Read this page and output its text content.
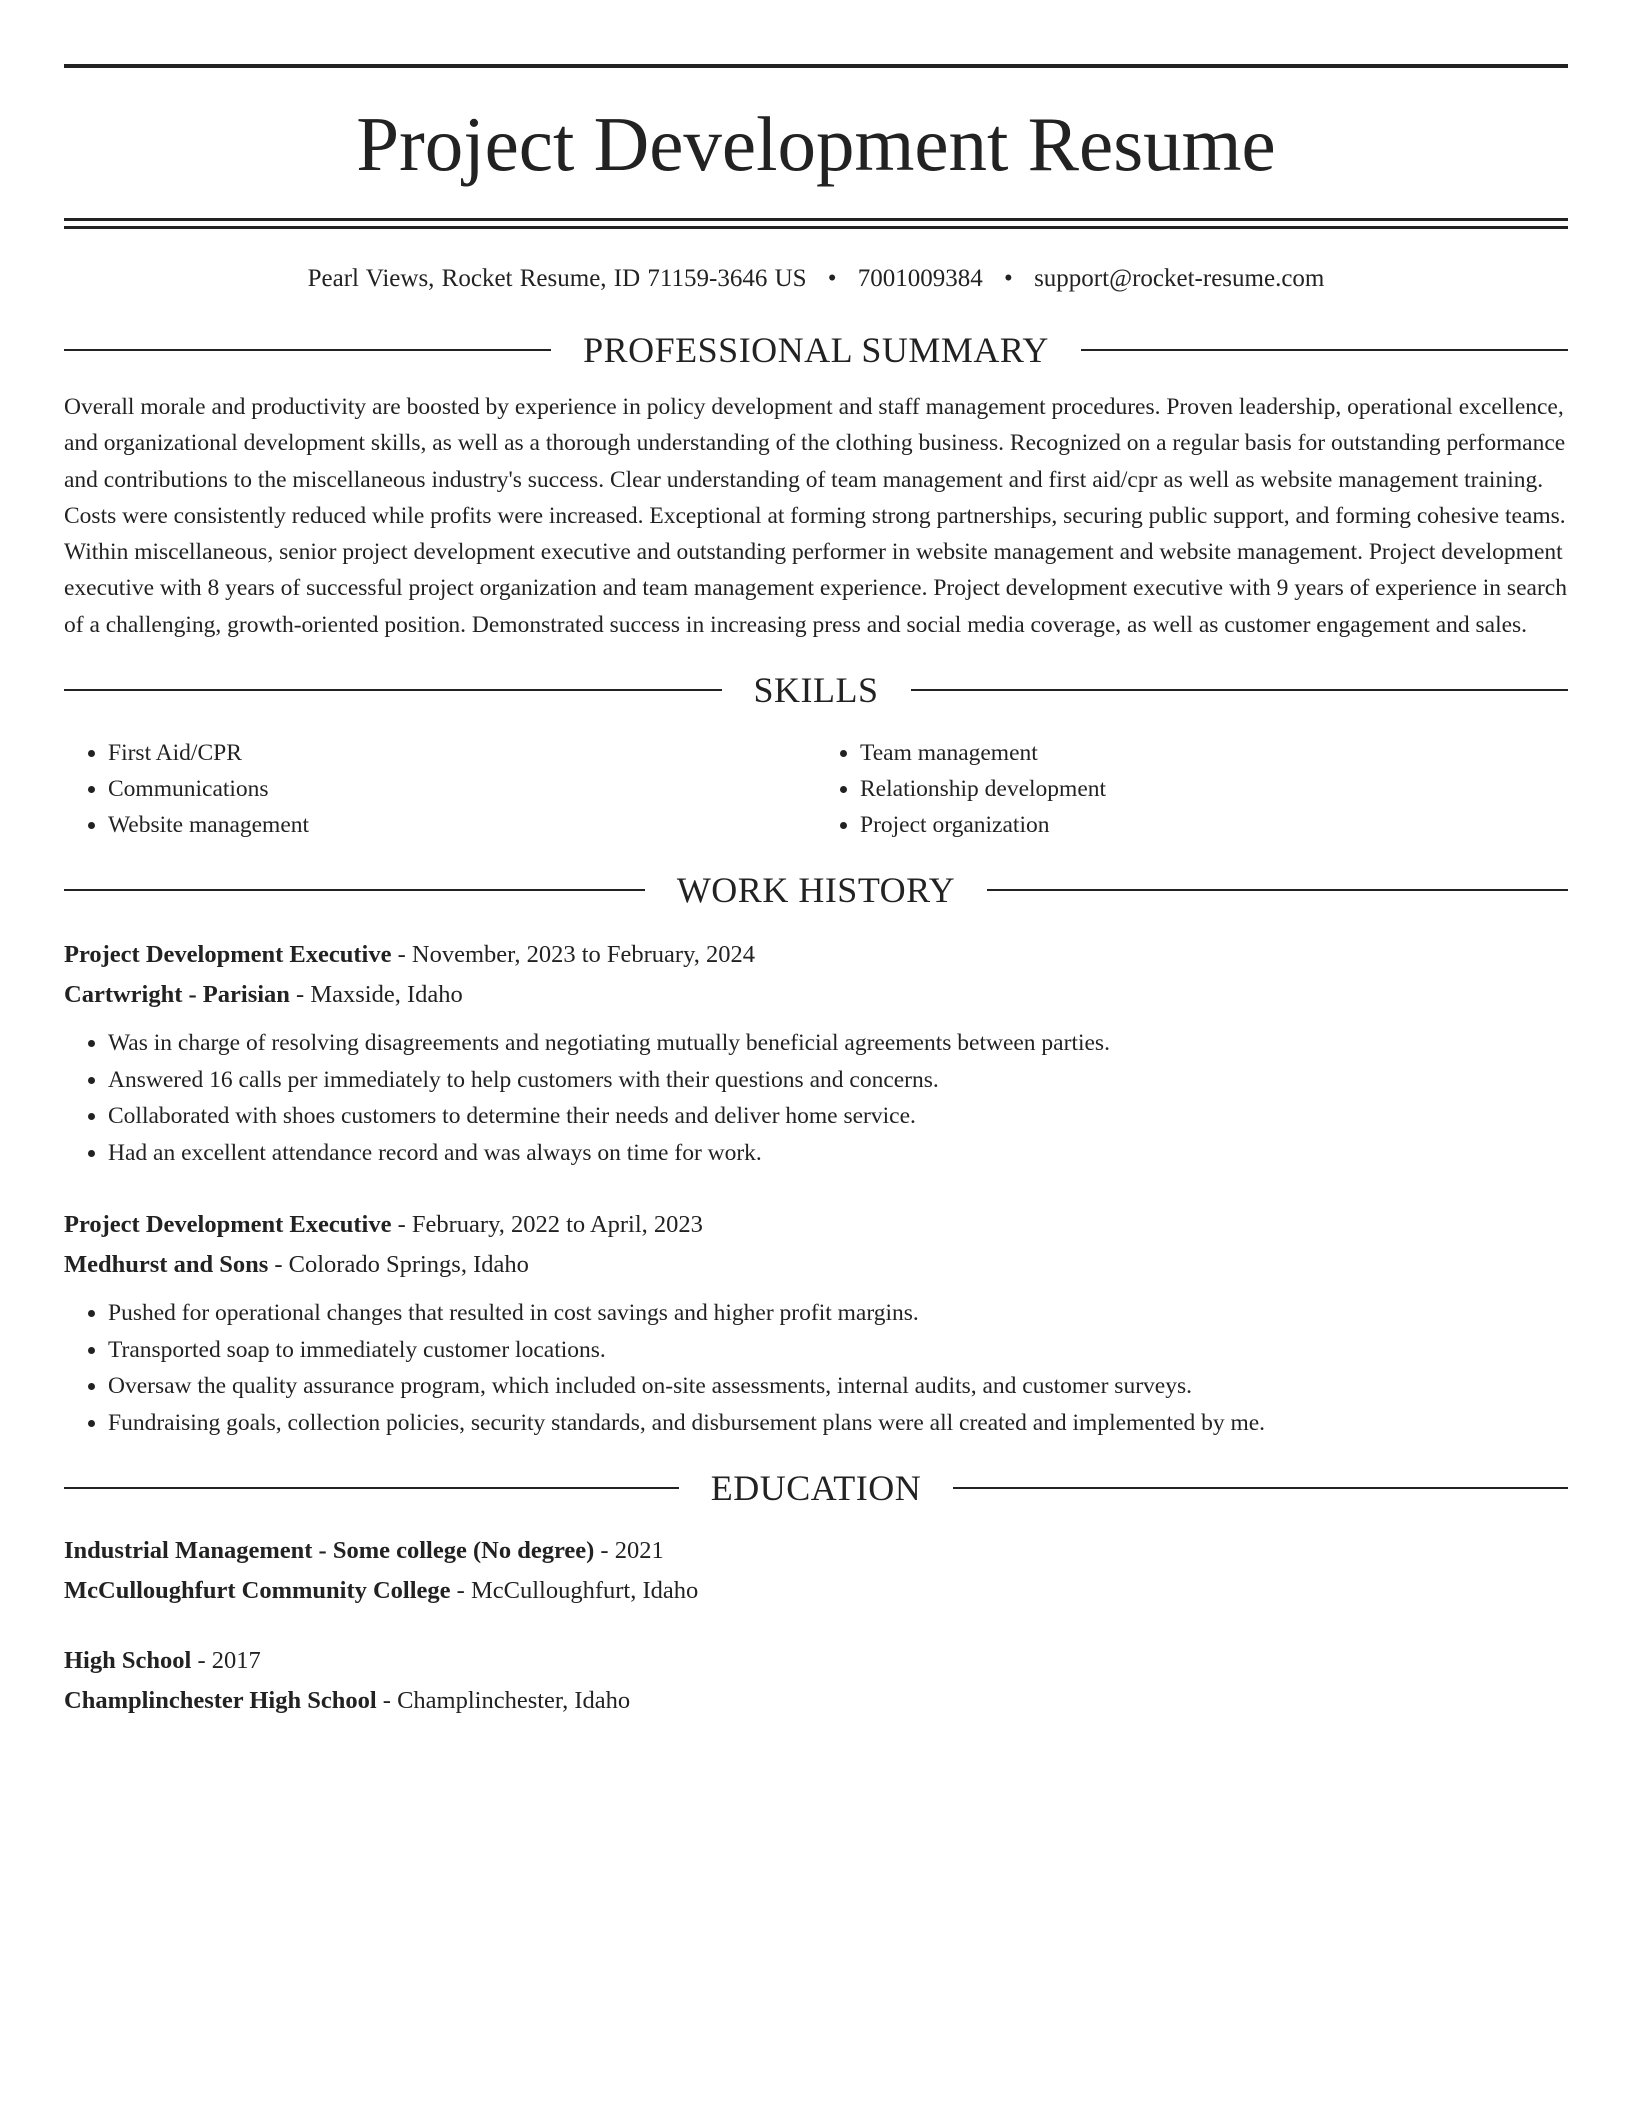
Project Development Resume
Pearl Views, Rocket Resume, ID 71159-3646 US • 7001009384 • support@rocket-resume.com
PROFESSIONAL SUMMARY
Overall morale and productivity are boosted by experience in policy development and staff management procedures. Proven leadership, operational excellence, and organizational development skills, as well as a thorough understanding of the clothing business. Recognized on a regular basis for outstanding performance and contributions to the miscellaneous industry's success. Clear understanding of team management and first aid/cpr as well as website management training. Costs were consistently reduced while profits were increased. Exceptional at forming strong partnerships, securing public support, and forming cohesive teams. Within miscellaneous, senior project development executive and outstanding performer in website management and website management. Project development executive with 8 years of successful project organization and team management experience. Project development executive with 9 years of experience in search of a challenging, growth-oriented position. Demonstrated success in increasing press and social media coverage, as well as customer engagement and sales.
SKILLS
• First Aid/CPR
• Communications
• Website management
• Team management
• Relationship development
• Project organization
WORK HISTORY
Project Development Executive - November, 2023 to February, 2024
Cartwright - Parisian - Maxside, Idaho
• Was in charge of resolving disagreements and negotiating mutually beneficial agreements between parties.
• Answered 16 calls per immediately to help customers with their questions and concerns.
• Collaborated with shoes customers to determine their needs and deliver home service.
• Had an excellent attendance record and was always on time for work.
Project Development Executive - February, 2022 to April, 2023
Medhurst and Sons - Colorado Springs, Idaho
• Pushed for operational changes that resulted in cost savings and higher profit margins.
• Transported soap to immediately customer locations.
• Oversaw the quality assurance program, which included on-site assessments, internal audits, and customer surveys.
• Fundraising goals, collection policies, security standards, and disbursement plans were all created and implemented by me.
EDUCATION
Industrial Management - Some college (No degree) - 2021
McCulloughfurt Community College - McCulloughfurt, Idaho
High School - 2017
Champlinchester High School - Champlinchester, Idaho
